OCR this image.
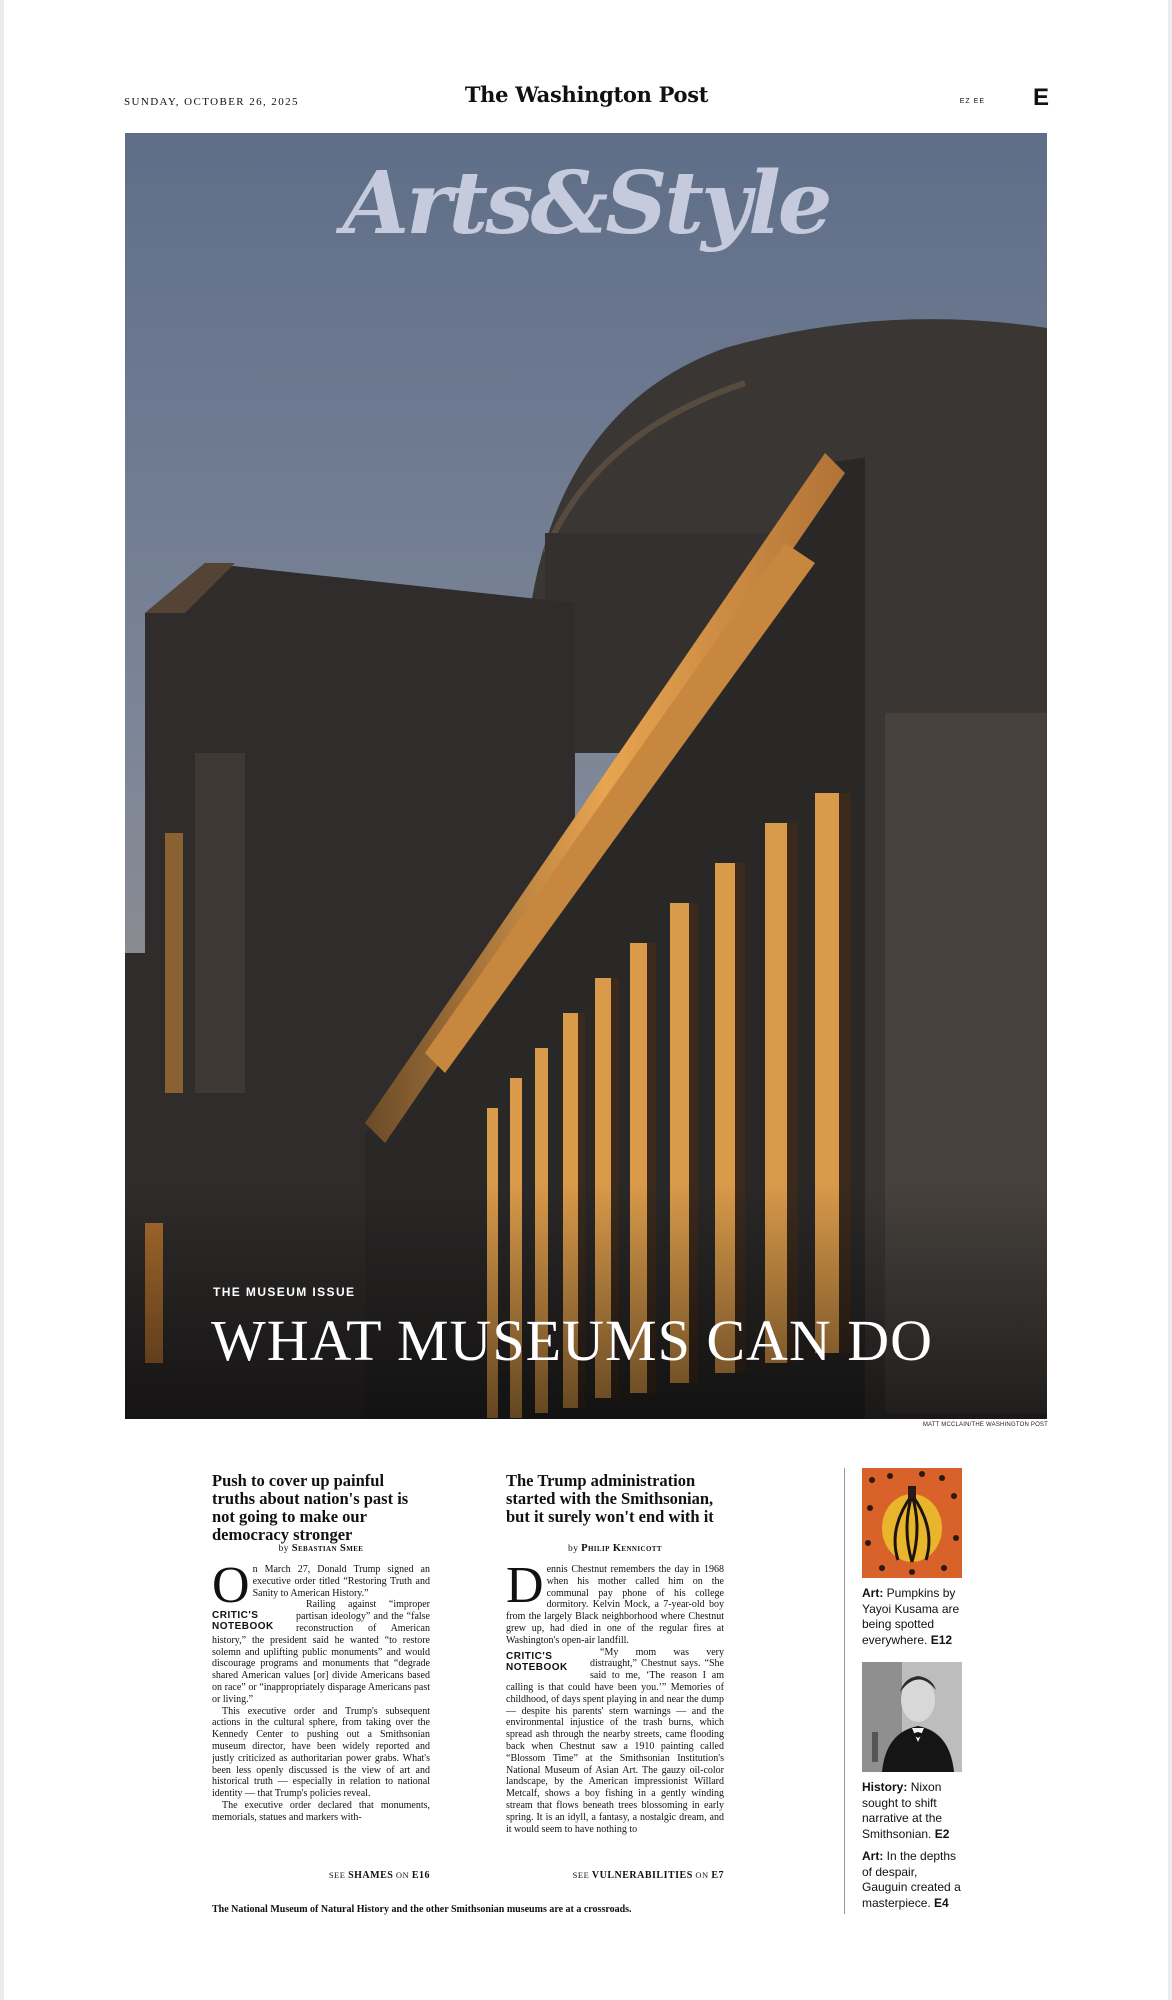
SUNDAY, OCTOBER 26, 2025	The Washington Post	EZ EE E
Arts&Style
THE MUSEUM ISSUE
WHAT MUSEUMS CAN DO
MATT MCCLAIN/THE WASHINGTON POST
Push to cover up painful truths about nation's past is not going to make our democracy stronger
by Sebastian Smee

On March 27, Donald Trump signed an executive order titled “Restoring Truth and Sanity to American History.”

CRITIC'S NOTEBOOK

Railing against “improper partisan ideology” and the “false reconstruction of American history,” the president said he wanted “to restore solemn and uplifting public monuments” and would discourage programs and monuments that “degrade shared American values [or] divide Americans based on race” or “inappropriately disparage Americans past or living.”

This executive order and Trump's subsequent actions in the cultural sphere, from taking over the Kennedy Center to pushing out a Smithsonian museum director, have been widely reported and justly criticized as authoritarian power grabs. What's been less openly discussed is the view of art and historical truth — especially in relation to national identity — that Trump's policies reveal.

The executive order declared that monuments, memorials, statues and markers with-

SEE SHAMES ON E16
The Trump administration started with the Smithsonian, but it surely won't end with it
by Philip Kennicott

Dennis Chestnut remembers the day in 1968 when his mother called him on the communal pay phone of his college dormitory. Kelvin Mock, a 7-year-old boy from the largely Black neighborhood where Chestnut grew up, had died in one of the regular fires at Washington's open-air landfill.

CRITIC'S NOTEBOOK

“My mom was very distraught,” Chestnut says. “She said to me, ‘The reason I am calling is that could have been you.’” Memories of childhood, of days spent playing in and near the dump — despite his parents' stern warnings — and the environmental injustice of the trash burns, which spread ash through the nearby streets, came flooding back when Chestnut saw a 1910 painting called “Blossom Time” at the Smithsonian Institution's National Museum of Asian Art. The gauzy oil-color landscape, by the American impressionist Willard Metcalf, shows a boy fishing in a gently winding stream that flows beneath trees blossoming in early spring. It is an idyll, a fantasy, a nostalgic dream, and it would seem to have nothing to

SEE VULNERABILITIES ON E7
The National Museum of Natural History and the other Smithsonian museums are at a crossroads.
Art: Pumpkins by Yayoi Kusama are being spotted everywhere. E12
History: Nixon sought to shift narrative at the Smithsonian. E2
Art: In the depths of despair, Gauguin created a masterpiece. E4
